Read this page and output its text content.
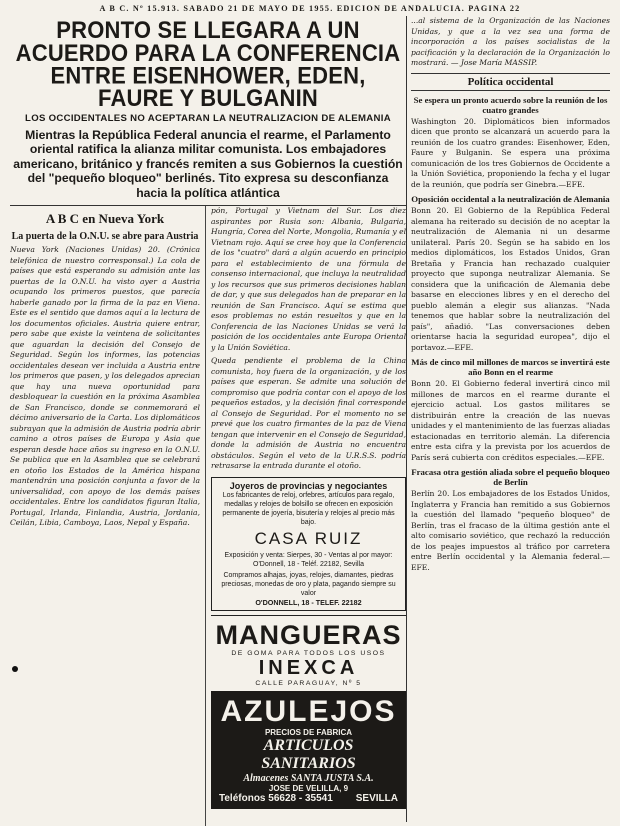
A B C. Nº 15.913. SABADO 21 DE MAYO DE 1955. EDICION DE ANDALUCIA. PAGINA 22
PRONTO SE LLEGARA A UN ACUERDO PARA LA CONFERENCIA ENTRE EISENHOWER, EDEN, FAURE Y BULGANIN
LOS OCCIDENTALES NO ACEPTARAN LA NEUTRALIZACION DE ALEMANIA
Mientras la República Federal anuncia el rearme, el Parlamento oriental ratifica la alianza militar comunista. Los embajadores americano, británico y francés remiten a sus Gobiernos la cuestión del "pequeño bloqueo" berlinés. Tito expresa su desconfianza hacia la política atlántica
A B C en Nueva York
La puerta de la O.N.U. se abre para Austria
Nueva York (Naciones Unidas) 20. (Crónica telefónica de nuestro corresponsal.) La cola de países que está esperando su admisión ante las puertas de la O.N.U. ha visto ayer a Austria ocupando los primeros puestos, que parecía haberle ganado por la firma de la paz en Viena. Este es el sentido que damos aquí a la lectura de los documentos oficiales. Austria quiere entrar, pero sabe que existe la veintena de solicitantes que aguardan la decisión del Consejo de Seguridad. Según los informes, las potencias occidentales desean ver incluida a Austria entre los primeros que pasen, y los delegados aprecian que hay una nueva oportunidad para desbloquear la cuestión en la próxima Asamblea de San Francisco, donde se conmemorará el décimo aniversario de la Carta. Los diplomáticos subrayan que la admisión de Austria podría abrir camino a otros países de Europa y Asia que esperan desde hace años su ingreso en la O.N.U. Se publica que en la Asamblea que se celebrará en otoño los Estados de la América hispana mantendrán una posición conjunta a favor de la universalidad, con apoyo de los demás países occidentales. Entre los candidatos figuran Italia, Portugal, Irlanda, Finlandia, Austria, Jordania, Ceilán, Libia, Camboya, Laos, Nepal y España.
pón, Portugal y Vietnam del Sur. Los diez aspirantes por Rusia son: Albania, Bulgaria, Hungría, Corea del Norte, Mongolia, Rumanía y el Vietnam rojo. Aquí se cree hoy que la Conferencia de los "cuatro" dará a algún acuerdo en principio para el establecimiento de una fórmula de consenso internacional, que incluya la neutralidad y los recursos que sus primeros decisiones hablan de dar, y que sus delegados han de preparar en la reunión de San Francisco. Aquí se estima que esos problemas no están resueltos y que en la Conferencia de las Naciones Unidas se verá la posición de los occidentales ante Europa Oriental y la Unión Soviética.
Queda pendiente el problema de la China comunista, hoy fuera de la organización, y de los países que esperan. Se admite una solución de compromiso que podría contar con el apoyo de los pequeños estados, y la decisión final corresponde al Consejo de Seguridad. Por el momento no se prevé que los cuatro firmantes de la paz de Viena tengan que intervenir en el Consejo de Seguridad, donde la admisión de Austria no encuentra obstáculos. Según el veto de la U.R.S.S. podría retrasarse la entrada durante el otoño.
Joyeros de provincias y negociantes
Los fabricantes de reloj, orfebres, artículos para regalo, medallas y relojes de bolsillo se ofrecen en exposición permanente de joyería, bisutería y relojes al precio más bajo.
CASA RUIZ
Exposición y venta: Sierpes, 30 - Ventas al por mayor: O'Donnell, 18 - Teléf. 22182, Sevilla
Compramos alhajas, joyas, relojes, diamantes, piedras preciosas, monedas de oro y plata, pagando siempre su valor
O'DONNELL, 18 - TELEF. 22182
MANGUERAS
DE GOMA PARA TODOS LOS USOS
INEXCA
CALLE PARAGUAY, Nº 5
AZULEJOS
PRECIOS DE FABRICA
ARTICULOS SANITARIOS
Almacenes SANTA JUSTA S.A.
JOSE DE VELILLA, 9
Teléfonos 56628 - 35541 SEVILLA
...al sistema de la Organización de las Naciones Unidas, y que a la vez sea una forma de incorporación a los países socialistas de la pacificación y la declaración de la Organización lo mostrará. — Jose María MASSIP.
Política occidental
Se espera un pronto acuerdo sobre la reunión de los cuatro grandes
Washington 20. Diplomáticos bien informados dicen que pronto se alcanzará un acuerdo para la reunión de los cuatro grandes: Eisenhower, Eden, Faure y Bulganin. Se espera una próxima comunicación de los tres Gobiernos de Occidente a la Unión Soviética, proponiendo la fecha y el lugar de la reunión, que podría ser Ginebra.—EFE.
Oposición occidental a la neutralización de Alemania
Bonn 20. El Gobierno de la República Federal alemana ha reiterado su decisión de no aceptar la neutralización de Alemania ni un desarme unilateral. París 20. Según se ha sabido en los medios diplomáticos, los Estados Unidos, Gran Bretaña y Francia han rechazado cualquier proyecto que suponga neutralizar Alemania. Se considera que la unificación de Alemania debe basarse en elecciones libres y en el derecho del pueblo alemán a elegir sus alianzas. "Nada tenemos que hablar sobre la neutralización del país", añadió. "Las conversaciones deben orientarse hacia la seguridad europea", dijo el portavoz.—EFE.
Más de cinco mil millones de marcos se invertirá este año Bonn en el rearme
Bonn 20. El Gobierno federal invertirá cinco mil millones de marcos en el rearme durante el ejercicio actual. Los gastos militares se distribuirán entre la creación de las nuevas unidades y el mantenimiento de las fuerzas aliadas estacionadas en territorio alemán. La diferencia entre esta cifra y la prevista por los acuerdos de París será cubierta con créditos especiales.—EFE.
Fracasa otra gestión aliada sobre el pequeño bloqueo de Berlín
Berlín 20. Los embajadores de los Estados Unidos, Inglaterra y Francia han remitido a sus Gobiernos la cuestión del llamado "pequeño bloqueo" de Berlín, tras el fracaso de la última gestión ante el alto comisario soviético, que rechazó la reducción de los peajes impuestos al tráfico por carretera entre Berlín occidental y la Alemania federal.—EFE.
